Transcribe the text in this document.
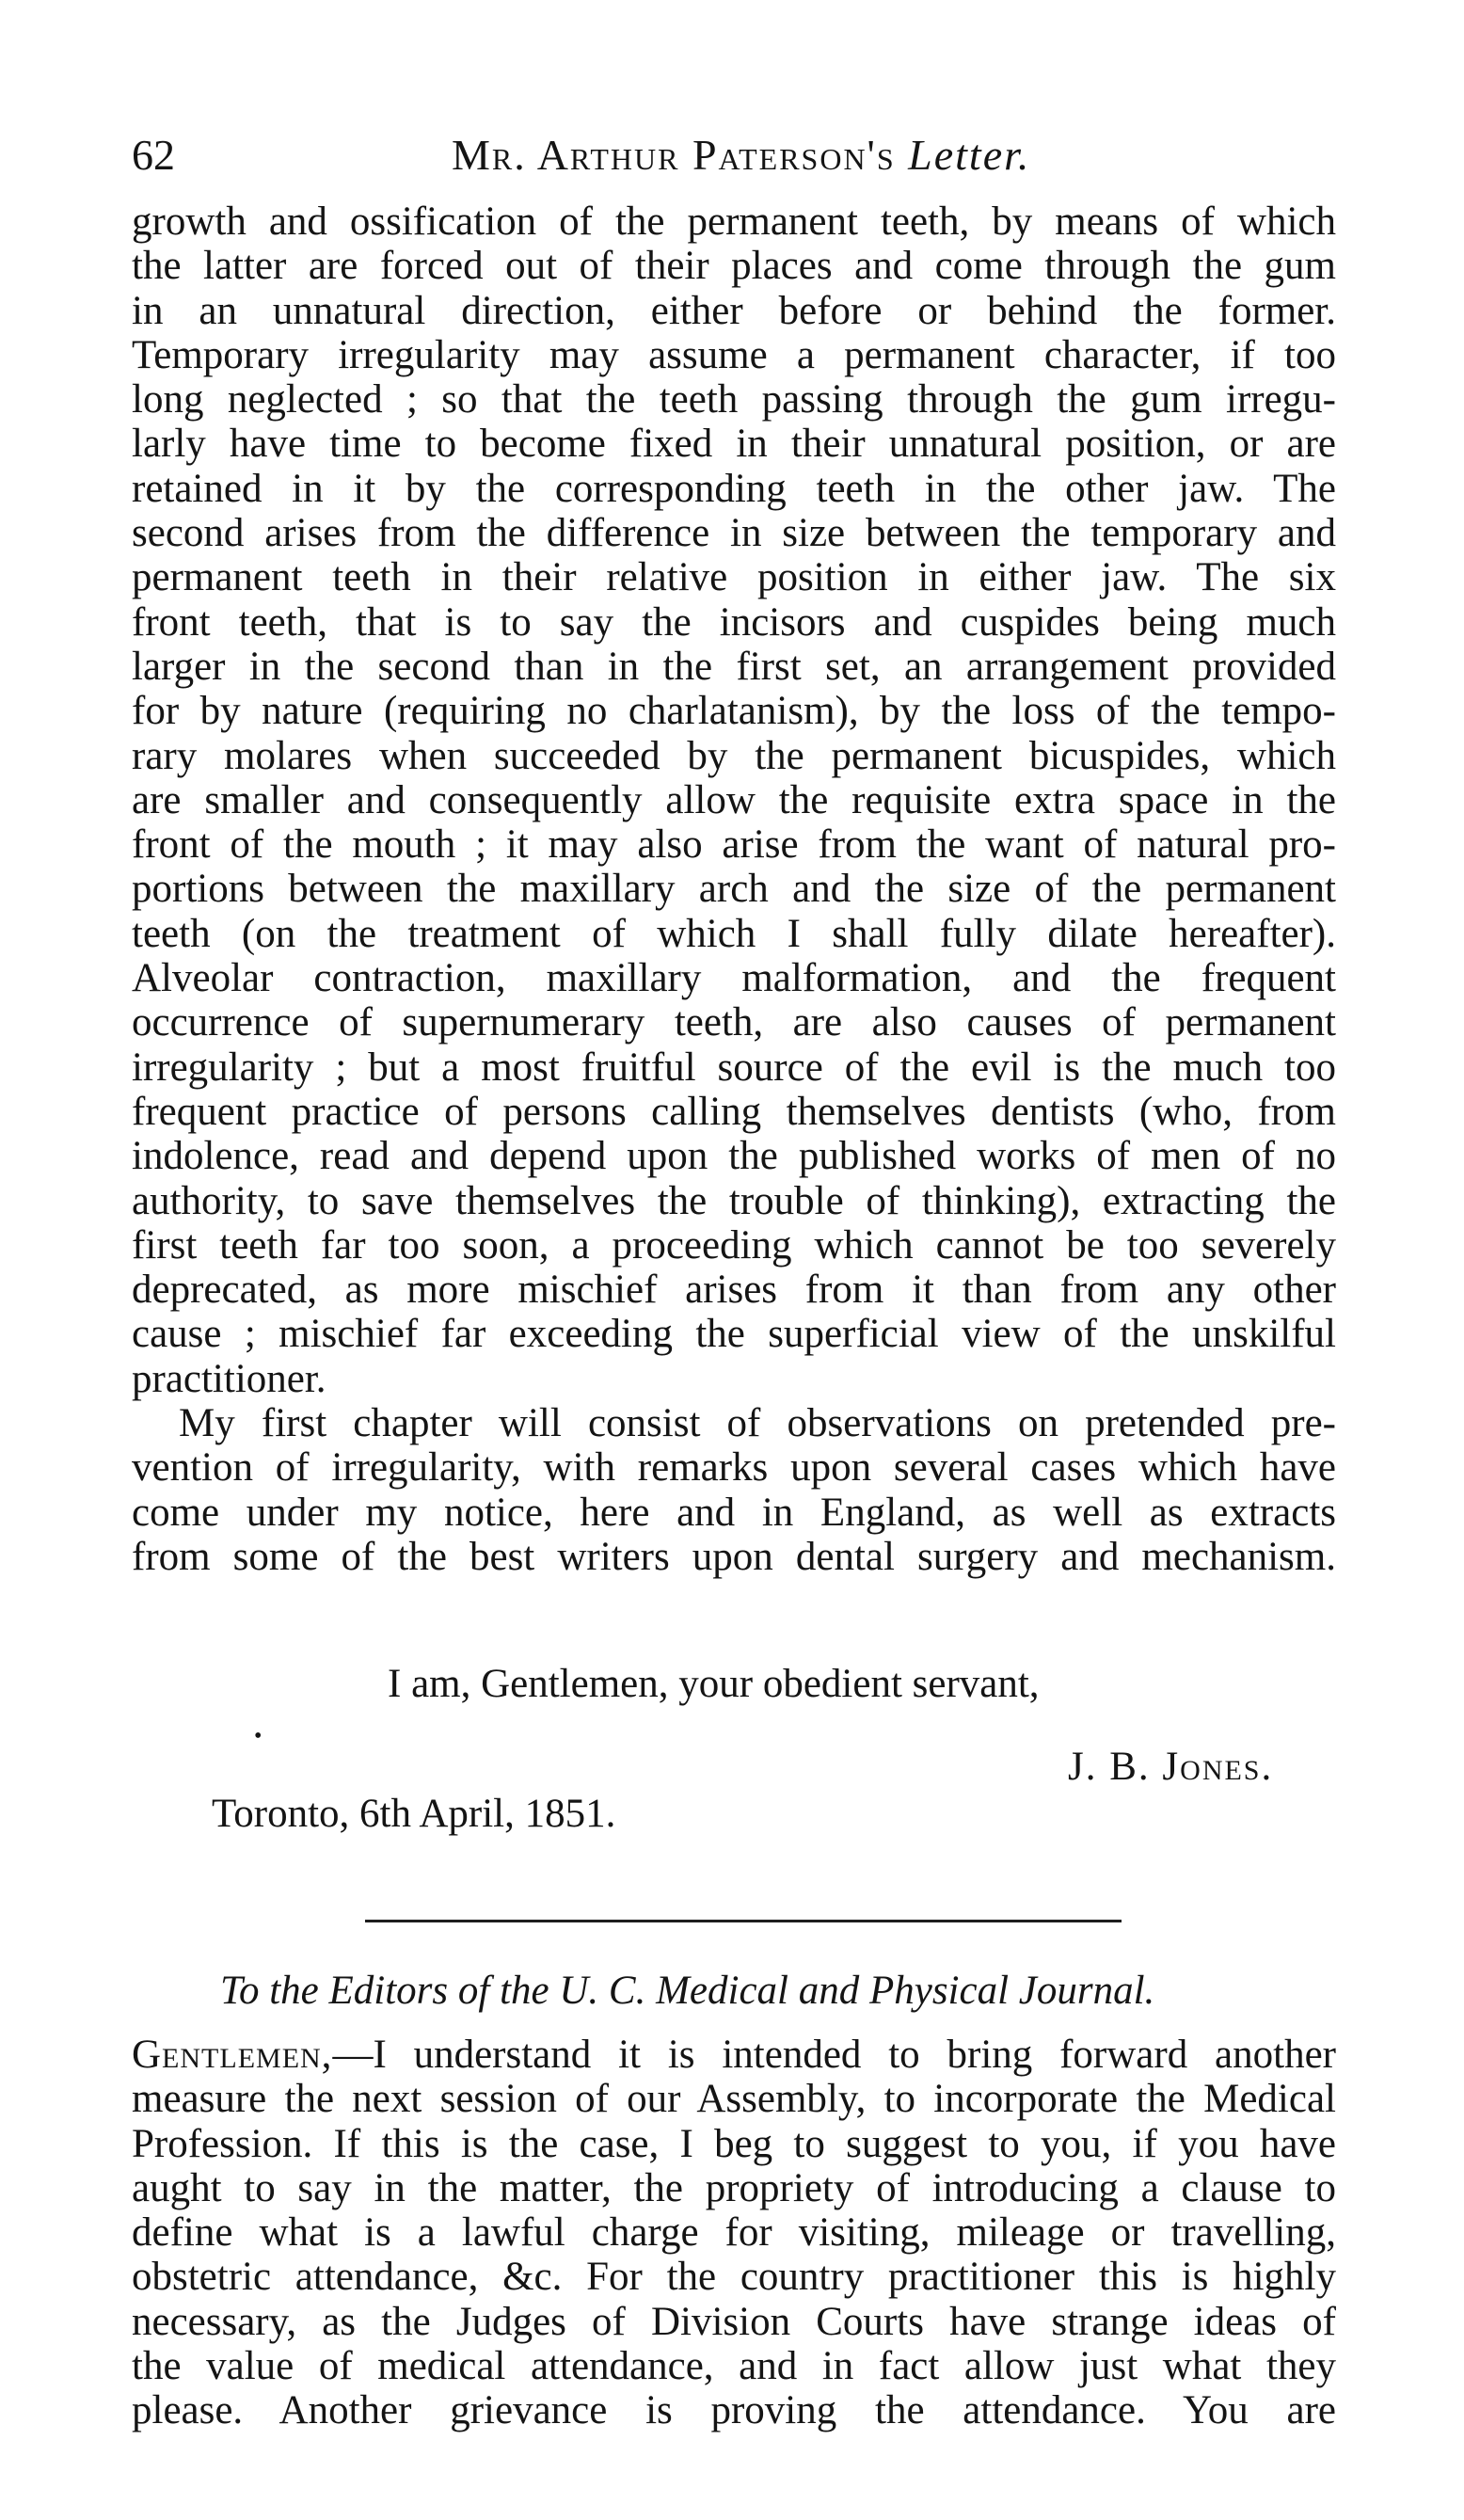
62	Mr. Arthur Paterson's Letter.
growth and ossification of the permanent teeth, by means of which
the latter are forced out of their places and come through the gum
in an unnatural direction, either before or behind the former.
Temporary irregularity may assume a permanent character, if too
long neglected ; so that the teeth passing through the gum irregu-
larly have time to become fixed in their unnatural position, or are
retained in it by the corresponding teeth in the other jaw. The
second arises from the difference in size between the temporary and
permanent teeth in their relative position in either jaw. The six
front teeth, that is to say the incisors and cuspides being much
larger in the second than in the first set, an arrangement provided
for by nature (requiring no charlatanism), by the loss of the tempo-
rary molares when succeeded by the permanent bicuspides, which
are smaller and consequently allow the requisite extra space in the
front of the mouth ; it may also arise from the want of natural pro-
portions between the maxillary arch and the size of the permanent
teeth (on the treatment of which I shall fully dilate hereafter).
Alveolar contraction, maxillary malformation, and the frequent
occurrence of supernumerary teeth, are also causes of permanent
irregularity ; but a most fruitful source of the evil is the much too
frequent practice of persons calling themselves dentists (who, from
indolence, read and depend upon the published works of men of no
authority, to save themselves the trouble of thinking), extracting the
first teeth far too soon, a proceeding which cannot be too severely
deprecated, as more mischief arises from it than from any other
cause ; mischief far exceeding the superficial view of the unskilful
practitioner.
My first chapter will consist of observations on pretended pre-
vention of irregularity, with remarks upon several cases which have
come under my notice, here and in England, as well as extracts
from some of the best writers upon dental surgery and mechanism.
I am, Gentlemen, your obedient servant,
•
J. B. Jones.
Toronto, 6th April, 1851.
To the Editors of the U. C. Medical and Physical Journal.
Gentlemen,—I understand it is intended to bring forward another
measure the next session of our Assembly, to incorporate the Medical
Profession. If this is the case, I beg to suggest to you, if you have
aught to say in the matter, the propriety of introducing a clause to
define what is a lawful charge for visiting, mileage or travelling,
obstetric attendance, &c. For the country practitioner this is highly
necessary, as the Judges of Division Courts have strange ideas of
the value of medical attendance, and in fact allow just what they
please. Another grievance is proving the attendance. You are
